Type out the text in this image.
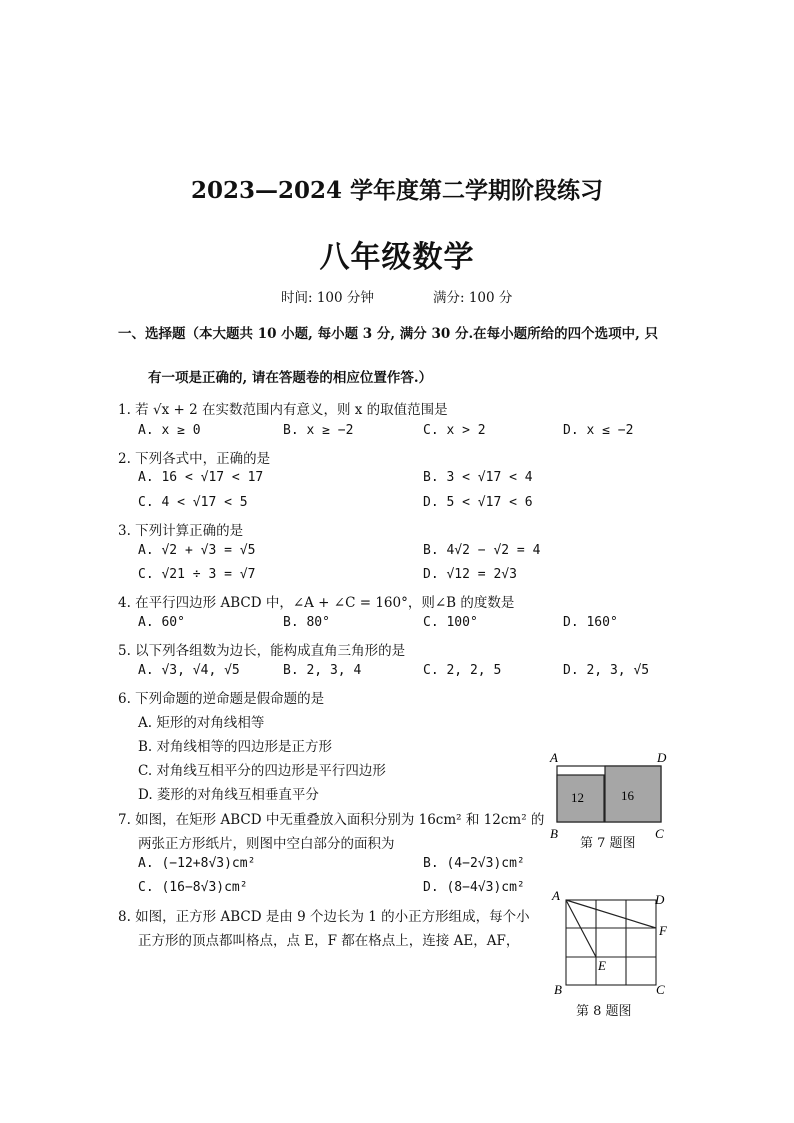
2023—2024 学年度第二学期阶段练习
八年级数学
时间: 100 分钟	满分: 100 分
一、选择题（本大题共 10 小题, 每小题 3 分, 满分 30 分.在每小题所给的四个选项中, 只
有一项是正确的, 请在答题卷的相应位置作答.）
1. 若 √x + 2 在实数范围内有意义，则 x 的取值范围是
A. x ≥ 0	B. x ≥ −2	C. x > 2	D. x ≤ −2
2. 下列各式中，正确的是
A. 16 < √17 < 17	B. 3 < √17 < 4
C. 4 < √17 < 5	D. 5 < √17 < 6
3. 下列计算正确的是
A. √2 + √3 = √5	B. 4√2 − √2 = 4
C. √21 ÷ 3 = √7	D. √12 = 2√3
4. 在平行四边形 ABCD 中，∠A + ∠C = 160°，则∠B 的度数是
A. 60°	B. 80°	C. 100°	D. 160°
5. 以下列各组数为边长，能构成直角三角形的是
A. √3, √4, √5	B. 2, 3, 4	C. 2, 2, 5	D. 2, 3, √5
6. 下列命题的逆命题是假命题的是
A. 矩形的对角线相等
B. 对角线相等的四边形是正方形
C. 对角线互相平分的四边形是平行四边形
D. 菱形的对角线互相垂直平分
7. 如图，在矩形 ABCD 中无重叠放入面积分别为 16cm² 和 12cm² 的
两张正方形纸片，则图中空白部分的面积为
A. (−12+8√3)cm²	B. (4−2√3)cm²
C. (16−8√3)cm²	D. (8−4√3)cm²
8. 如图，正方形 ABCD 是由 9 个边长为 1 的小正方形组成，每个小
正方形的顶点都叫格点，点 E，F 都在格点上，连接 AE，AF，
12	16
A	D
B	C
第 7 题图
A	D
F
E
B	C
第 8 题图
